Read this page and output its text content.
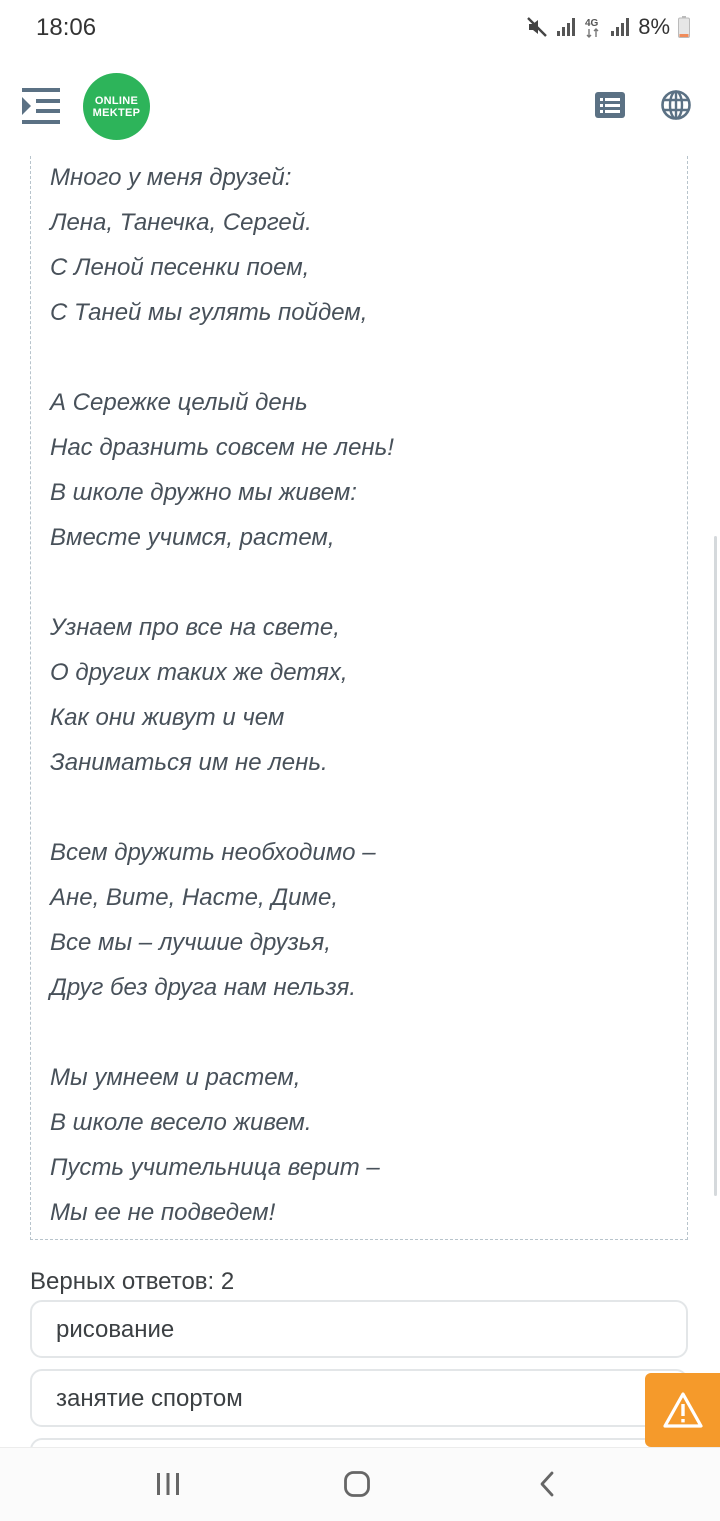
18:06	4G 8%
ONLINE
MEKTEP
Много у меня друзей:
Лена, Танечка, Сергей.
С Леной песенки поем,
С Таней мы гулять пойдем,
А Сережке целый день
Нас дразнить совсем не лень!
В школе дружно мы живем:
Вместе учимся, растем,
Узнаем про все на свете,
О других таких же детях,
Как они живут и чем
Заниматься им не лень.
Всем дружить необходимо –
Ане, Вите, Насте, Диме,
Все мы – лучшие друзья,
Друг без друга нам нельзя.
Мы умнеем и растем,
В школе весело живем.
Пусть учительница верит –
Мы ее не подведем!
Верных ответов: 2
рисование
занятие спортом
